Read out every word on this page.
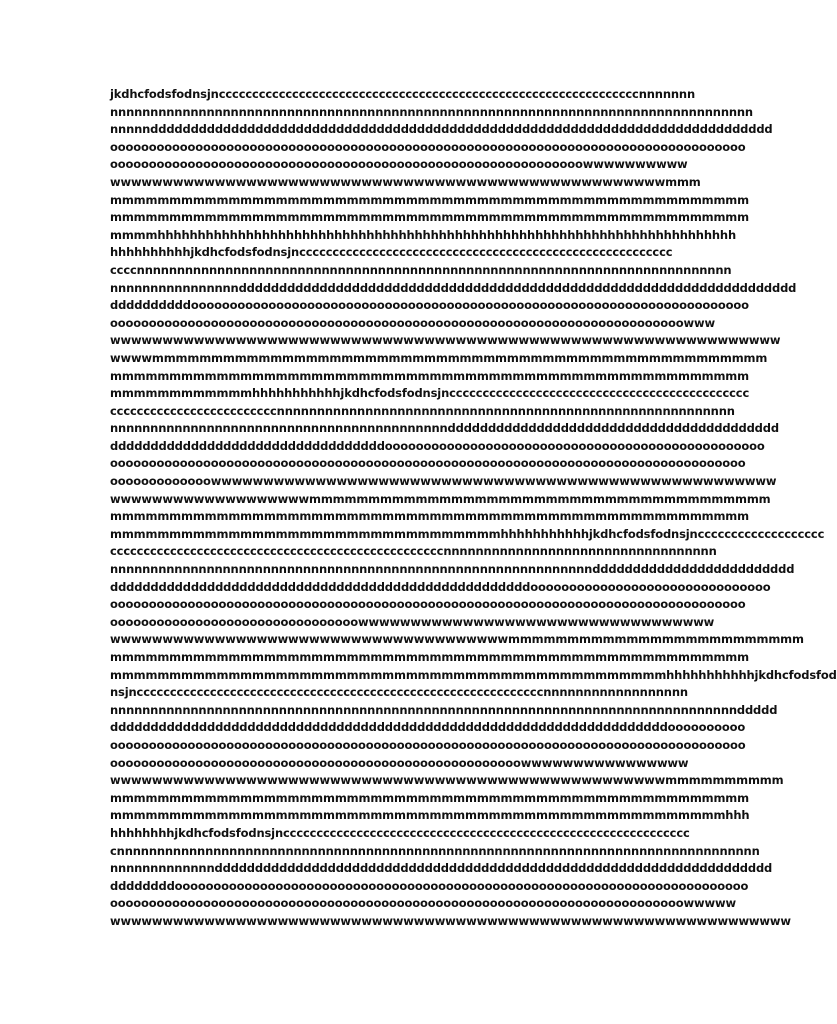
jkdhcfodsfodnsjncccccccccccccccccccccccccccccccccccccccccccccccccccccccccccccccnnnnnnn
nnnnnnnnnnnnnnnnnnnnnnnnnnnnnnnnnnnnnnnnnnnnnnnnnnnnnnnnnnnnnnnnnnnnnnnnnnnnnnnn
nnnnnddddddddddddddddddddddddddddddddddddddddddddddddddddddddddddddddddddddddddddd
oooooooooooooooooooooooooooooooooooooooooooooooooooooooooooooooooooooooooooooooooo
ooooooooooooooooooooooooooooooooooooooooooooooooooooooooooooowwwwwwwwww
wwwwwwwwwwwwwwwwwwwwwwwwwwwwwwwwwwwwwwwwwwwwwwwwwwwwwmmm
mmmmmmmmmmmmmmmmmmmmmmmmmmmmmmmmmmmmmmmmmmmmmmmmmmmmmm
mmmmmmmmmmmmmmmmmmmmmmmmmmmmmmmmmmmmmmmmmmmmmmmmmmmmmm
mmmmhhhhhhhhhhhhhhhhhhhhhhhhhhhhhhhhhhhhhhhhhhhhhhhhhhhhhhhhhhhhhhhhhhhhhhhh
hhhhhhhhhhjkdhcfodsfodnsjncccccccccccccccccccccccccccccccccccccccccccccccccccccccc
ccccnnnnnnnnnnnnnnnnnnnnnnnnnnnnnnnnnnnnnnnnnnnnnnnnnnnnnnnnnnnnnnnnnnnnnnnnnn
nnnnnnnnnnnnnnnnddddddddddddddddddddddddddddddddddddddddddddddddddddddddddddddddddddd
ddddddddddoooooooooooooooooooooooooooooooooooooooooooooooooooooooooooooooooooooooo
oooooooooooooooooooooooooooooooooooooooooooooooooooooooooooooooooooooooooowww
wwwwwwwwwwwwwwwwwwwwwwwwwwwwwwwwwwwwwwwwwwwwwwwwwwwwwwwwwwwwwwww
wwwwmmmmmmmmmmmmmmmmmmmmmmmmmmmmmmmmmmmmmmmmmmmmmmmmmmmm
mmmmmmmmmmmmmmmmmmmmmmmmmmmmmmmmmmmmmmmmmmmmmmmmmmmmmm
mmmmmmmmmmmmhhhhhhhhhhhjkdhcfodsfodnsjnccccccccccccccccccccccccccccccccccccccccccccc
cccccccccccccccccccccccccnnnnnnnnnnnnnnnnnnnnnnnnnnnnnnnnnnnnnnnnnnnnnnnnnnnnnnnnn
nnnnnnnnnnnnnnnnnnnnnnnnnnnnnnnnnnnnnnnnnnddddddddddddddddddddddddddddddddddddddddd
ddddddddddddddddddddddddddddddddddooooooooooooooooooooooooooooooooooooooooooooooooo
oooooooooooooooooooooooooooooooooooooooooooooooooooooooooooooooooooooooooooooooooo
ooooooooooooowwwwwwwwwwwwwwwwwwwwwwwwwwwwwwwwwwwwwwwwwwwwwwwwwwwwww
wwwwwwwwwwwwwwwwwwwmmmmmmmmmmmmmmmmmmmmmmmmmmmmmmmmmmmmmmm
mmmmmmmmmmmmmmmmmmmmmmmmmmmmmmmmmmmmmmmmmmmmmmmmmmmmmm
mmmmmmmmmmmmmmmmmmmmmmmmmmmmmmmmmhhhhhhhhhhhjkdhcfodsfodnsjnccccccccccccccccccc
ccccccccccccccccccccccccccccccccccccccccccccccccccnnnnnnnnnnnnnnnnnnnnnnnnnnnnnnnnnn
nnnnnnnnnnnnnnnnnnnnnnnnnnnnnnnnnnnnnnnnnnnnnnnnnnnnnnnnnnnnddddddddddddddddddddddddd
ddddddddddddddddddddddddddddddddddddddddddddddddddddooooooooooooooooooooooooooooooo
oooooooooooooooooooooooooooooooooooooooooooooooooooooooooooooooooooooooooooooooooo
oooooooooooooooooooooooooooooooowwwwwwwwwwwwwwwwwwwwwwwwwwwwwwwwww
wwwwwwwwwwwwwwwwwwwwwwwwwwwwwwwwwwwwwwmmmmmmmmmmmmmmmmmmmmmmmmm
mmmmmmmmmmmmmmmmmmmmmmmmmmmmmmmmmmmmmmmmmmmmmmmmmmmmmm
mmmmmmmmmmmmmmmmmmmmmmmmmmmmmmmmmmmmmmmmmmmmmmmhhhhhhhhhhhjkdhcfodsfod
nsjncccccccccccccccccccccccccccccccccccccccccccccccccccccccccccccnnnnnnnnnnnnnnnnnn
nnnnnnnnnnnnnnnnnnnnnnnnnnnnnnnnnnnnnnnnnnnnnnnnnnnnnnnnnnnnnnnnnnnnnnnnnnnnnnddddd
dddddddddddddddddddddddddddddddddddddddddddddddddddddddddddddddddddddoooooooooo
oooooooooooooooooooooooooooooooooooooooooooooooooooooooooooooooooooooooooooooooooo
ooooooooooooooooooooooooooooooooooooooooooooooooooooowwwwwwwwwwwwwwww
wwwwwwwwwwwwwwwwwwwwwwwwwwwwwwwwwwwwwwwwwwwwwwwwwwwwwmmmmmmmmmm
mmmmmmmmmmmmmmmmmmmmmmmmmmmmmmmmmmmmmmmmmmmmmmmmmmmmmm
mmmmmmmmmmmmmmmmmmmmmmmmmmmmmmmmmmmmmmmmmmmmmmmmmmmmhhh
hhhhhhhhjkdhcfodsfodnsjnccccccccccccccccccccccccccccccccccccccccccccccccccccccccccccc
cnnnnnnnnnnnnnnnnnnnnnnnnnnnnnnnnnnnnnnnnnnnnnnnnnnnnnnnnnnnnnnnnnnnnnnnnnnnnnnnn
nnnnnnnnnnnnnddddddddddddddddddddddddddddddddddddddddddddddddddddddddddddddddddddd
ddddddddoooooooooooooooooooooooooooooooooooooooooooooooooooooooooooooooooooooooooo
oooooooooooooooooooooooooooooooooooooooooooooooooooooooooooooooooooooooooowwwww
wwwwwwwwwwwwwwwwwwwwwwwwwwwwwwwwwwwwwwwwwwwwwwwwwwwwwwwwwwwwwwwww
